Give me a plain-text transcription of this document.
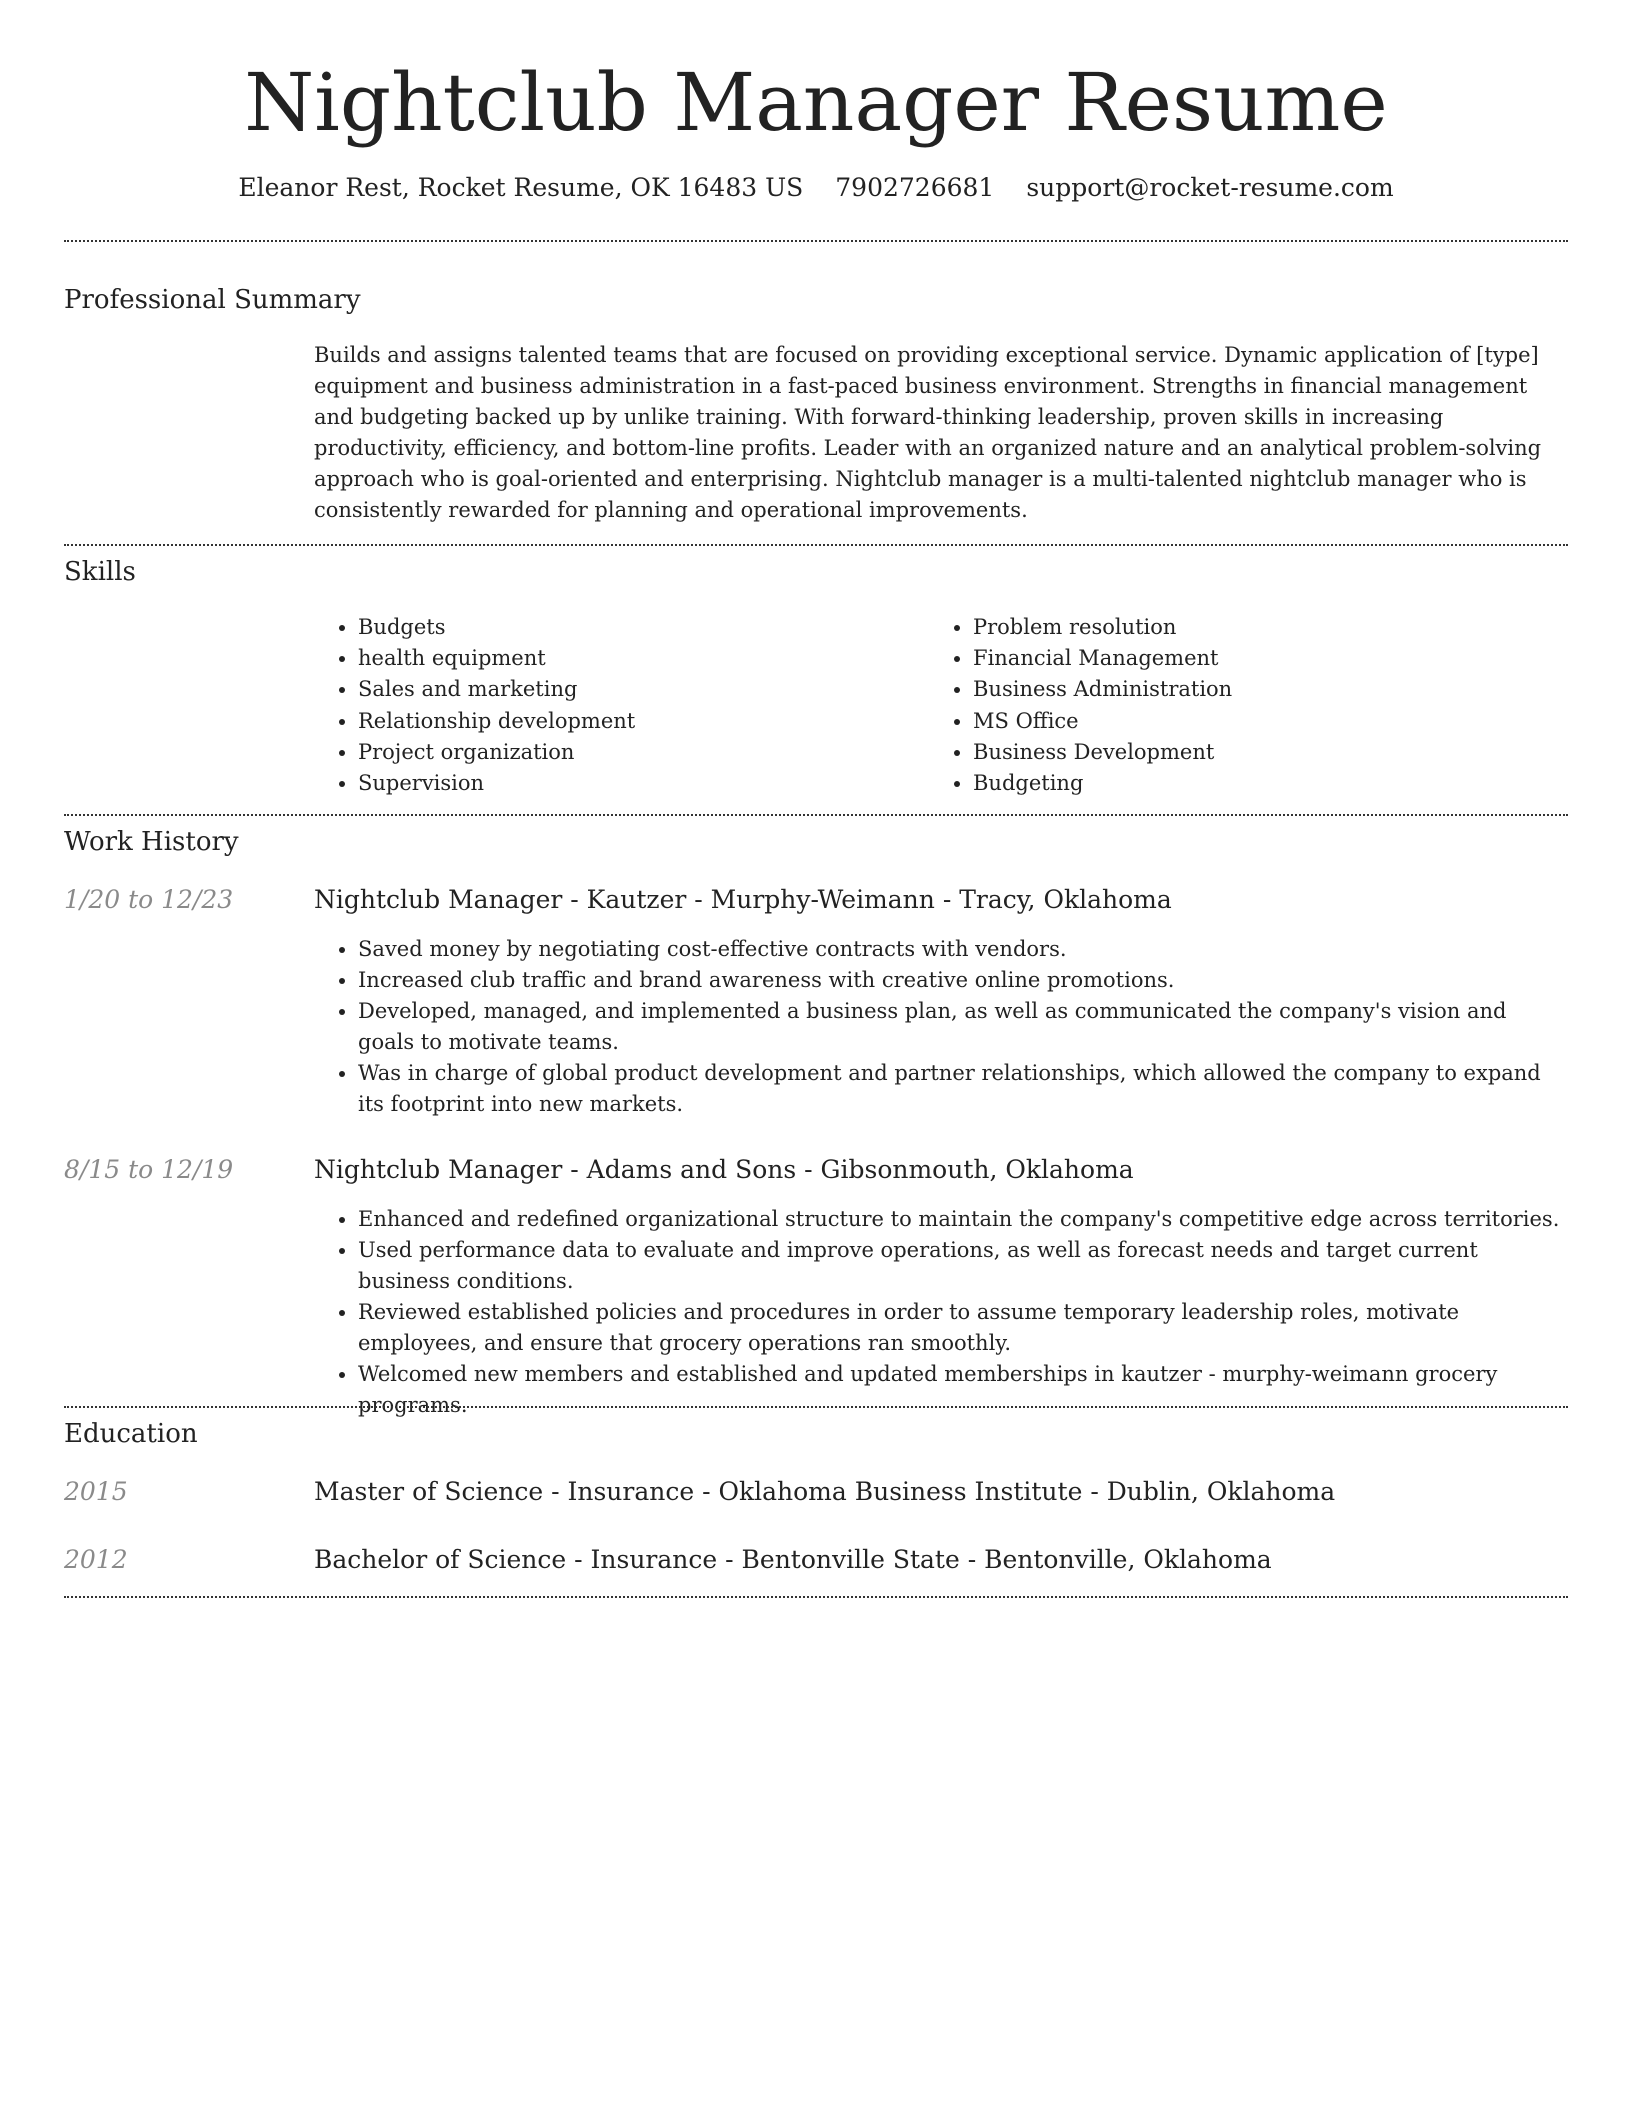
Nightclub Manager Resume
Eleanor Rest, Rocket Resume, OK 16483 US 7902726681 support@rocket-resume.com
Professional Summary

Builds and assigns talented teams that are focused on providing exceptional service. Dynamic application of [type] equipment and business administration in a fast-paced business environment. Strengths in financial management and budgeting backed up by unlike training. With forward-thinking leadership, proven skills in increasing productivity, efficiency, and bottom-line profits. Leader with an organized nature and an analytical problem-solving approach who is goal-oriented and enterprising. Nightclub manager is a multi-talented nightclub manager who is consistently rewarded for planning and operational improvements.

Skills
• Budgets
• health equipment
• Sales and marketing
• Relationship development
• Project organization
• Supervision
• Problem resolution
• Financial Management
• Business Administration
• MS Office
• Business Development
• Budgeting
Work History
1/20 to 12/23	Nightclub Manager - Kautzer - Murphy-Weimann - Tracy, Oklahoma
• Saved money by negotiating cost-effective contracts with vendors.
• Increased club traffic and brand awareness with creative online promotions.
• Developed, managed, and implemented a business plan, as well as communicated the company's vision and goals to motivate teams.
• Was in charge of global product development and partner relationships, which allowed the company to expand its footprint into new markets.
8/15 to 12/19	Nightclub Manager - Adams and Sons - Gibsonmouth, Oklahoma
• Enhanced and redefined organizational structure to maintain the company's competitive edge across territories.
• Used performance data to evaluate and improve operations, as well as forecast needs and target current business conditions.
• Reviewed established policies and procedures in order to assume temporary leadership roles, motivate employees, and ensure that grocery operations ran smoothly.
• Welcomed new members and established and updated memberships in kautzer - murphy-weimann grocery programs.
Education
2015	Master of Science - Insurance - Oklahoma Business Institute - Dublin, Oklahoma
2012	Bachelor of Science - Insurance - Bentonville State - Bentonville, Oklahoma
